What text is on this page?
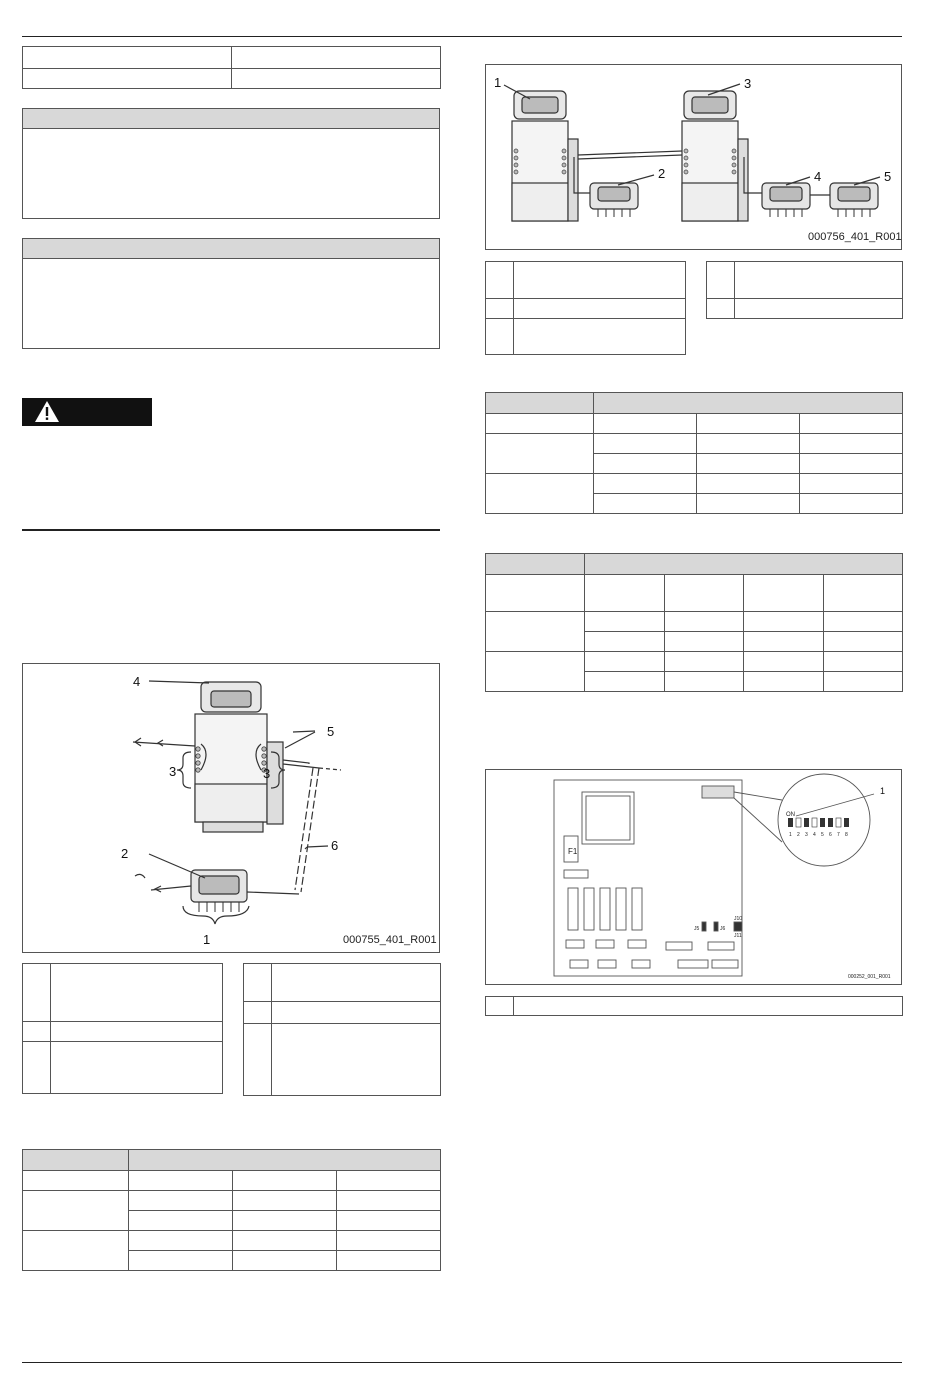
4
3	3
5
6
2
1	000755_401_R001

1
2
3
4	5
000756_401_R001

F1
ON
1 2 3 4 5 6 7 8
J5	J6
J10
J11
1
000252_001_R001
